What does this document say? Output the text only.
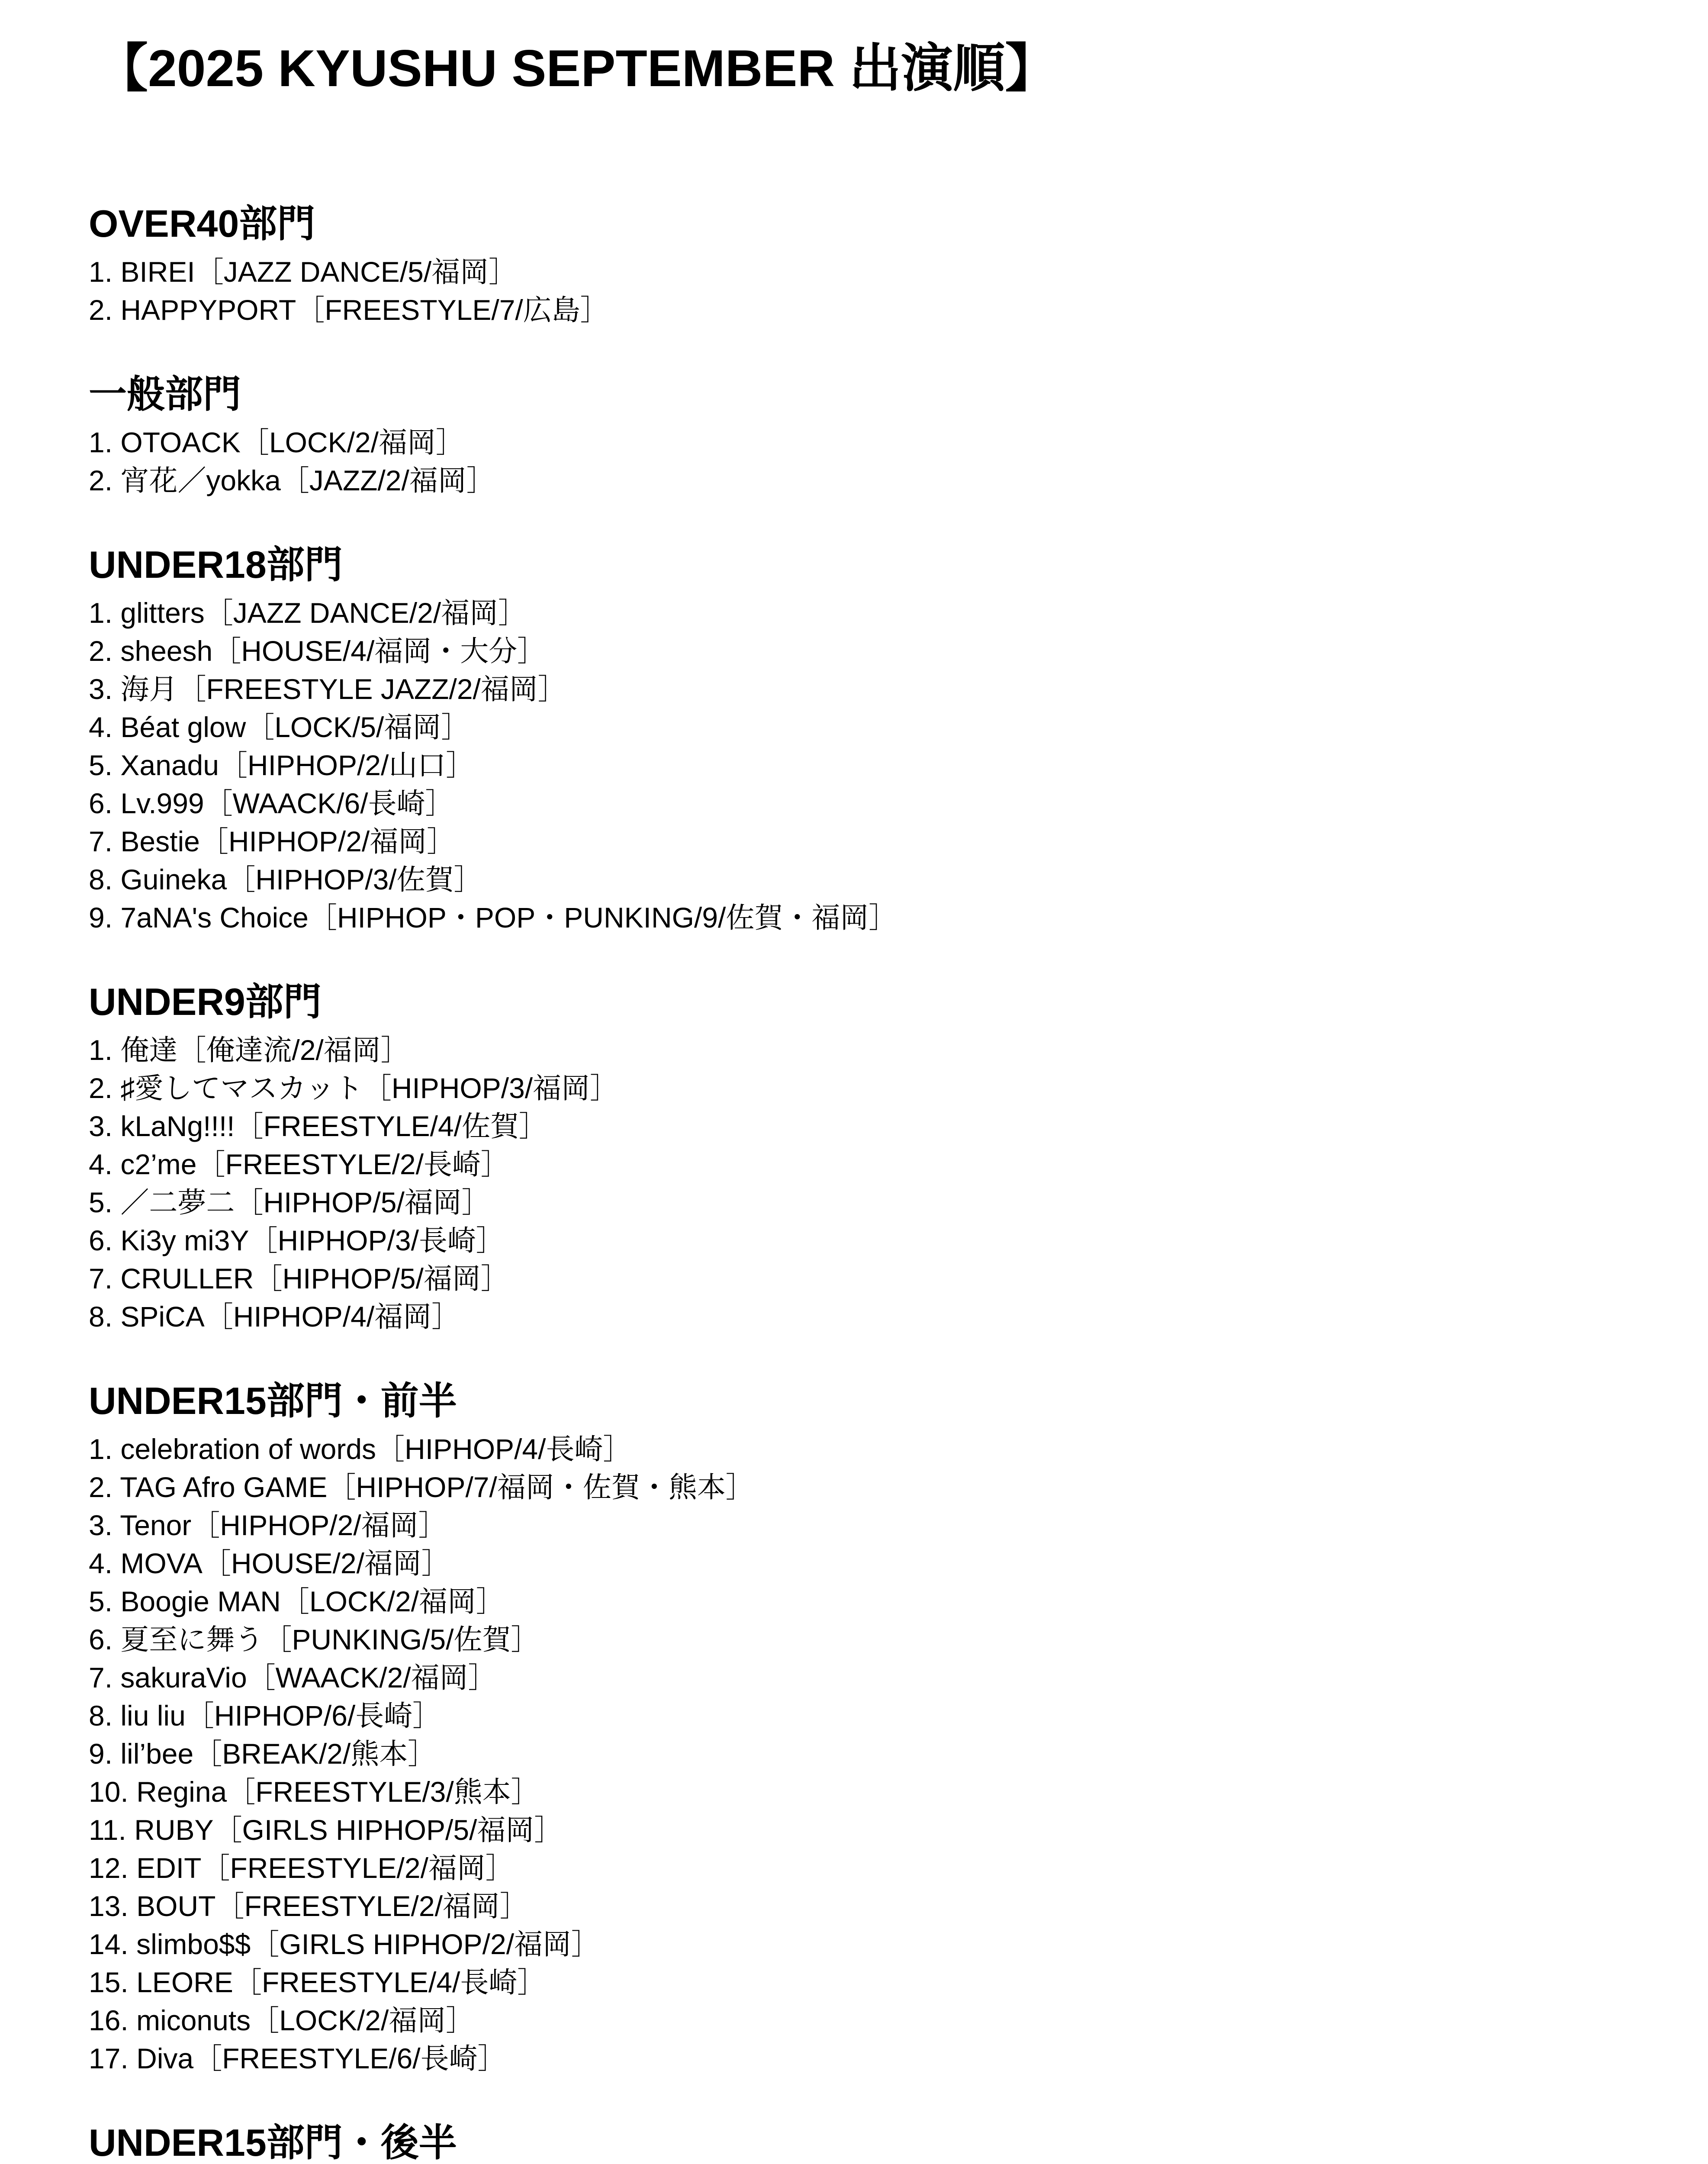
【2025 KYUSHU SEPTEMBER 出演順】
OVER40部門
1. BIREI［JAZZ DANCE/5/福岡］
2. HAPPYPORT［FREESTYLE/7/広島］
一般部門
1. OTOACK［LOCK/2/福岡］
2. 宵花／yokka［JAZZ/2/福岡］
UNDER18部門
1. glitters［JAZZ DANCE/2/福岡］
2. sheesh［HOUSE/4/福岡・大分］
3. 海月［FREESTYLE JAZZ/2/福岡］
4. Béat glow［LOCK/5/福岡］
5. Xanadu［HIPHOP/2/山口］
6. Lv.999［WAACK/6/長崎］
7. Bestie［HIPHOP/2/福岡］
8. Guineka［HIPHOP/3/佐賀］
9. 7aNA's Choice［HIPHOP・POP・PUNKING/9/佐賀・福岡］
UNDER9部門
1. 俺達［俺達流/2/福岡］
2. ♯愛してマスカット［HIPHOP/3/福岡］
3. kLaNg!!!!［FREESTYLE/4/佐賀］
4. c2’me［FREESTYLE/2/長崎］
5. ／二夢二［HIPHOP/5/福岡］
6. Ki3y mi3Y［HIPHOP/3/長崎］
7. CRULLER［HIPHOP/5/福岡］
8. SPiCA［HIPHOP/4/福岡］
UNDER15部門・前半
1. celebration of words［HIPHOP/4/長崎］
2. TAG Afro GAME［HIPHOP/7/福岡・佐賀・熊本］
3. Tenor［HIPHOP/2/福岡］
4. MOVA［HOUSE/2/福岡］
5. Boogie MAN［LOCK/2/福岡］
6. 夏至に舞う［PUNKING/5/佐賀］
7. sakuraVio［WAACK/2/福岡］
8. liu liu［HIPHOP/6/長崎］
9. lil’bee［BREAK/2/熊本］
10. Regina［FREESTYLE/3/熊本］
11. RUBY［GIRLS HIPHOP/5/福岡］
12. EDIT［FREESTYLE/2/福岡］
13. BOUT［FREESTYLE/2/福岡］
14. slimbo$$［GIRLS HIPHOP/2/福岡］
15. LEORE［FREESTYLE/4/長崎］
16. miconuts［LOCK/2/福岡］
17. Diva［FREESTYLE/6/長崎］
UNDER15部門・後半
